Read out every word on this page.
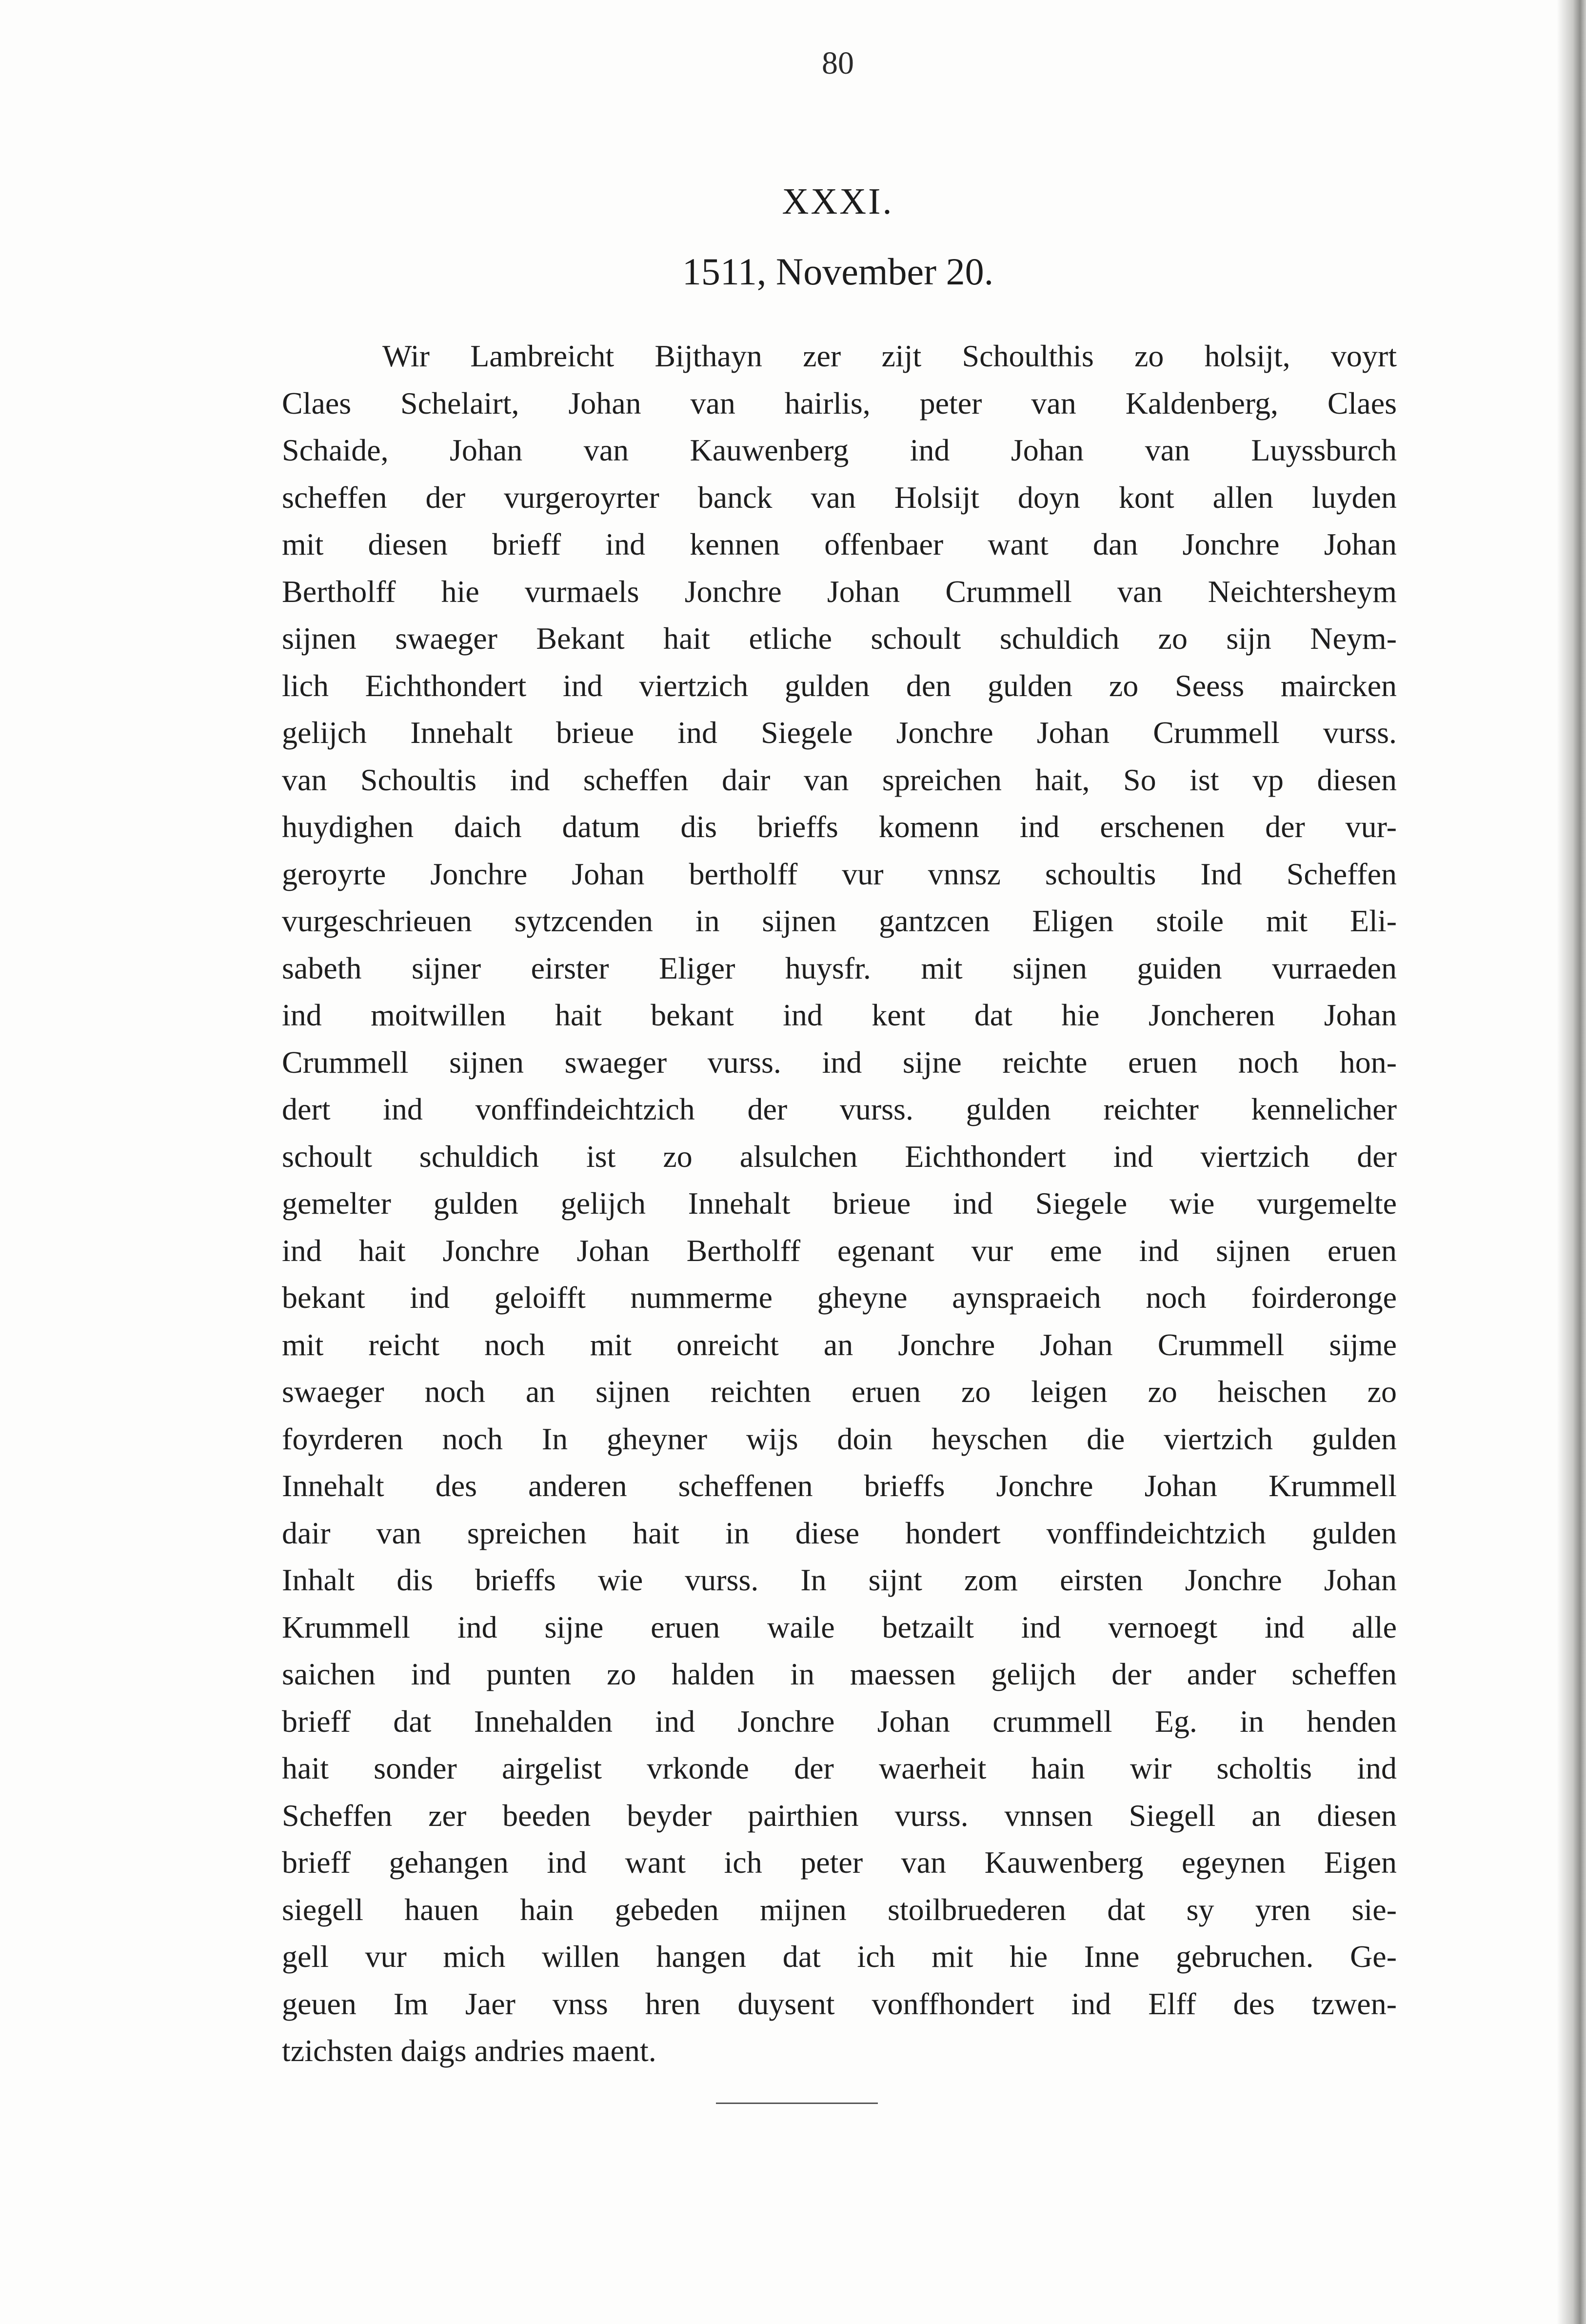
80
XXXI.
1511, November 20.
Wir Lambreicht Bijthayn zer zijt Schoulthis zo holsijt, voyrt
Claes Schelairt, Johan van hairlis, peter van Kaldenberg, Claes
Schaide, Johan van Kauwenberg ind Johan van Luyssburch
scheffen der vurgeroyrter banck van Holsijt doyn kont allen luyden
mit diesen brieff ind kennen offenbaer want dan Jonchre Johan
Bertholff hie vurmaels Jonchre Johan Crummell van Neichtersheym
sijnen swaeger Bekant hait etliche schoult schuldich zo sijn Neym-
lich Eichthondert ind viertzich gulden den gulden zo Seess maircken
gelijch Innehalt brieue ind Siegele Jonchre Johan Crummell vurss.
van Schoultis ind scheffen dair van spreichen hait, So ist vp diesen
huydighen daich datum dis brieffs komenn ind erschenen der vur-
geroyrte Jonchre Johan bertholff vur vnnsz schoultis Ind Scheffen
vurgeschrieuen sytzcenden in sijnen gantzcen Eligen stoile mit Eli-
sabeth sijner eirster Eliger huysfr. mit sijnen guiden vurraeden
ind moitwillen hait bekant ind kent dat hie Joncheren Johan
Crummell sijnen swaeger vurss. ind sijne reichte eruen noch hon-
dert ind vonffindeichtzich der vurss. gulden reichter kennelicher
schoult schuldich ist zo alsulchen Eichthondert ind viertzich der
gemelter gulden gelijch Innehalt brieue ind Siegele wie vurgemelte
ind hait Jonchre Johan Bertholff egenant vur eme ind sijnen eruen
bekant ind geloifft nummerme gheyne aynspraeich noch foirderonge
mit reicht noch mit onreicht an Jonchre Johan Crummell sijme
swaeger noch an sijnen reichten eruen zo leigen zo heischen zo
foyrderen noch In gheyner wijs doin heyschen die viertzich gulden
Innehalt des anderen scheffenen brieffs Jonchre Johan Krummell
dair van spreichen hait in diese hondert vonffindeichtzich gulden
Inhalt dis brieffs wie vurss. In sijnt zom eirsten Jonchre Johan
Krummell ind sijne eruen waile betzailt ind vernoegt ind alle
saichen ind punten zo halden in maessen gelijch der ander scheffen
brieff dat Innehalden ind Jonchre Johan crummell Eg. in henden
hait sonder airgelist vrkonde der waerheit hain wir scholtis ind
Scheffen zer beeden beyder pairthien vurss. vnnsen Siegell an diesen
brieff gehangen ind want ich peter van Kauwenberg egeynen Eigen
siegell hauen hain gebeden mijnen stoilbruederen dat sy yren sie-
gell vur mich willen hangen dat ich mit hie Inne gebruchen. Ge-
geuen Im Jaer vnss hren duysent vonffhondert ind Elff des tzwen-
tzichsten daigs andries maent.
